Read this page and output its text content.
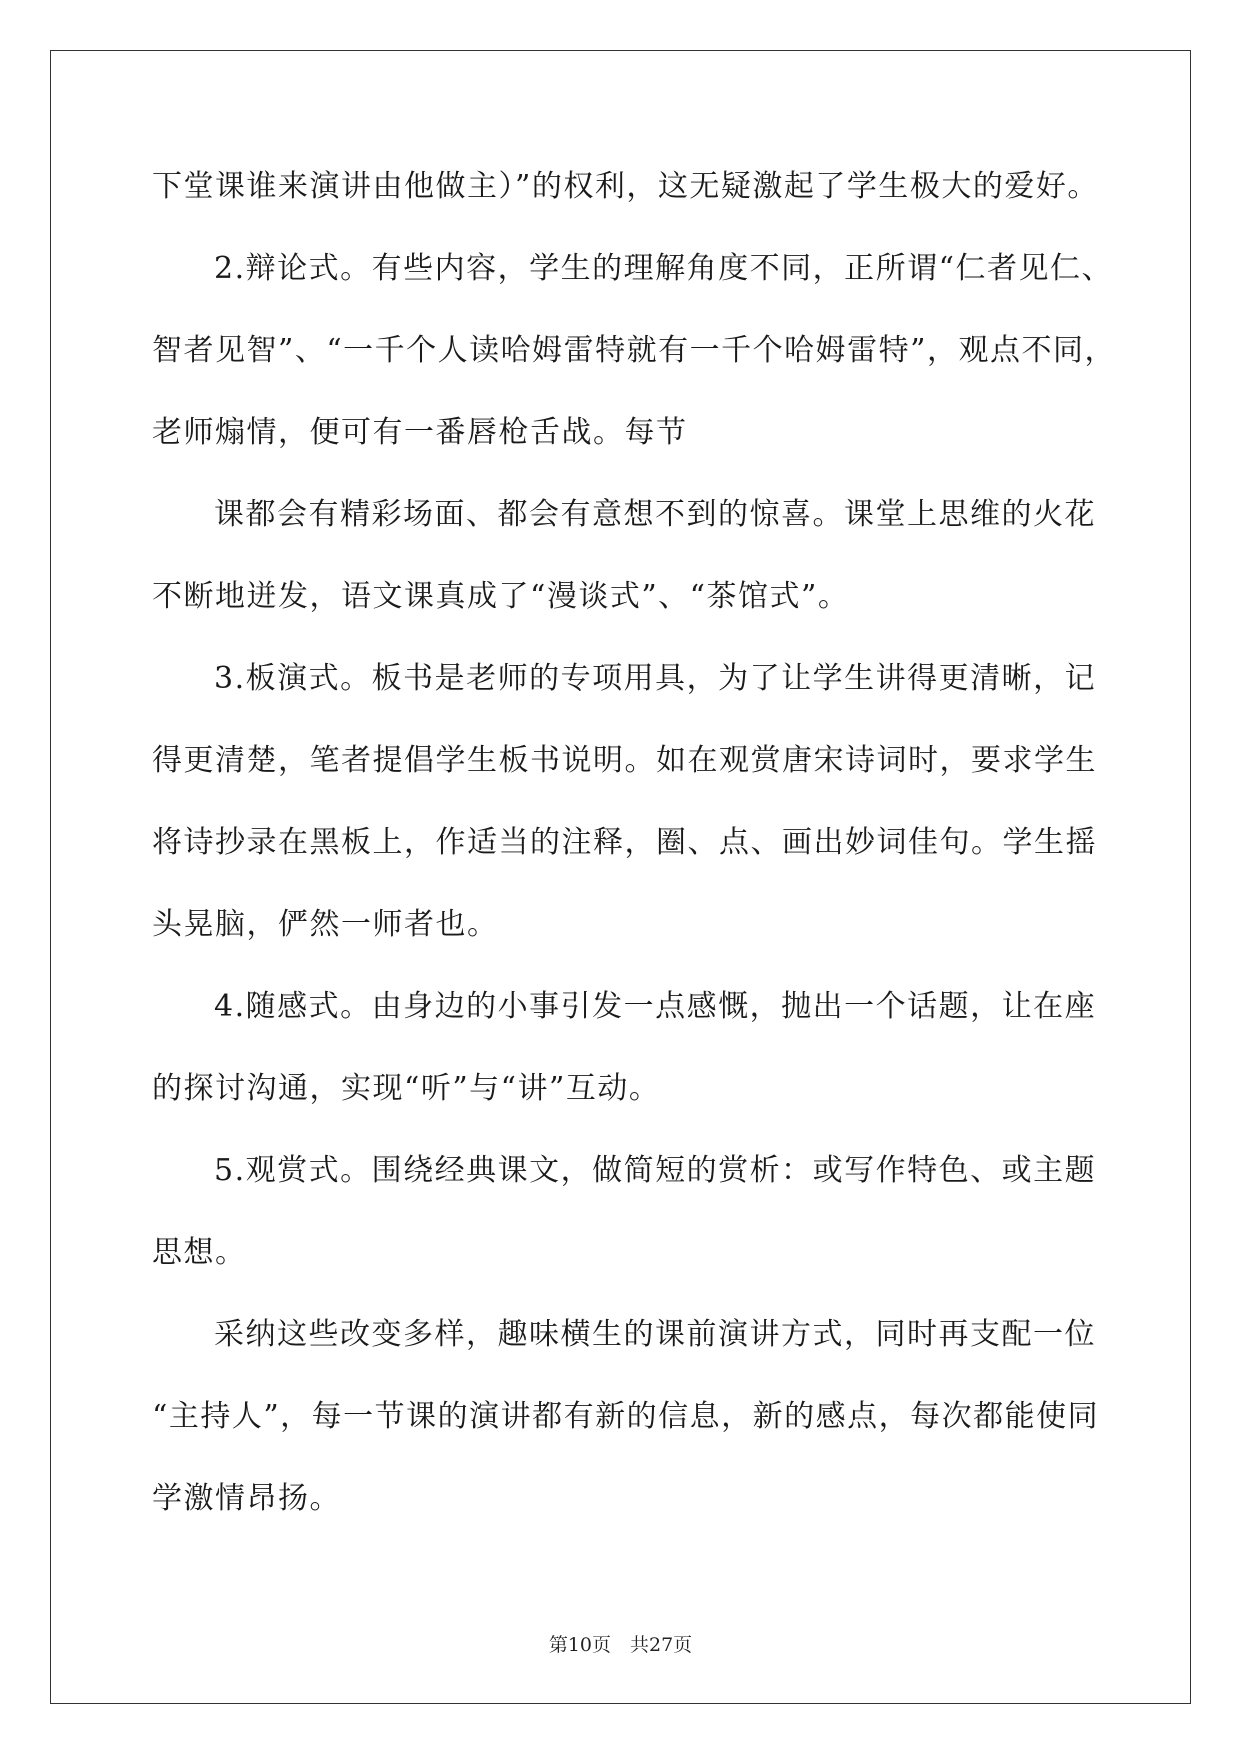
下堂课谁来演讲由他做主）”的权利，这无疑激起了学生极大的爱好。
2.辩论式。有些内容，学生的理解角度不同，正所谓“仁者见仁、
智者见智”、“一千个人读哈姆雷特就有一千个哈姆雷特”，观点不同，
老师煽情，便可有一番唇枪舌战。每节
课都会有精彩场面、都会有意想不到的惊喜。课堂上思维的火花
不断地迸发，语文课真成了“漫谈式”、“茶馆式”。
3.板演式。板书是老师的专项用具，为了让学生讲得更清晰，记
得更清楚，笔者提倡学生板书说明。如在观赏唐宋诗词时，要求学生
将诗抄录在黑板上，作适当的注释，圈、点、画出妙词佳句。学生摇
头晃脑，俨然一师者也。
4.随感式。由身边的小事引发一点感慨，抛出一个话题，让在座
的探讨沟通，实现“听”与“讲”互动。
5.观赏式。围绕经典课文，做简短的赏析：或写作特色、或主题
思想。
采纳这些改变多样，趣味横生的课前演讲方式，同时再支配一位
“主持人”，每一节课的演讲都有新的信息，新的感点，每次都能使同
学激情昂扬。
第10页　共27页
